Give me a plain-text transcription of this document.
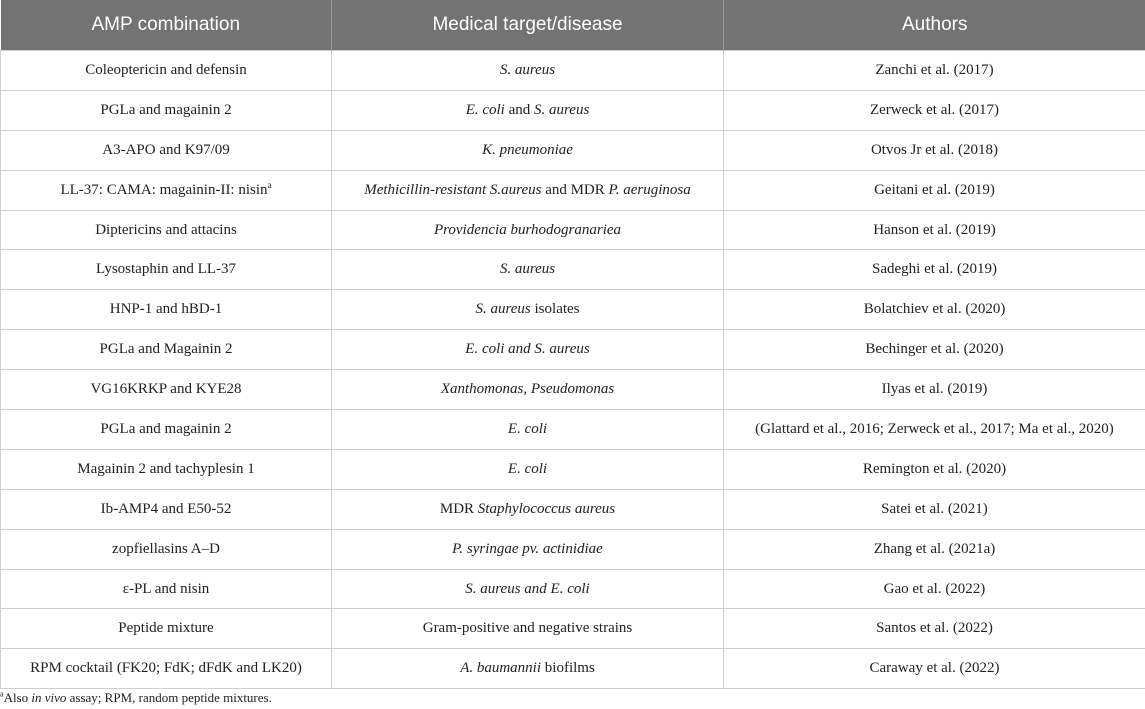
AMP combination	Medical target/disease	Authors
Coleoptericin and defensin	S. aureus	Zanchi et al. (2017)
PGLa and magainin 2	E. coli and S. aureus	Zerweck et al. (2017)
A3-APO and K97/09	K. pneumoniae	Otvos Jr et al. (2018)
LL-37: CAMA: magainin-II: nisin$^a$	Methicillin-resistant S.aureus and MDR P. aeruginosa	Geitani et al. (2019)
Diptericins and attacins	Providencia burhodogranariea	Hanson et al. (2019)
Lysostaphin and LL-37	S. aureus	Sadeghi et al. (2019)
HNP-1 and hBD-1	S. aureus isolates	Bolatchiev et al. (2020)
PGLa and Magainin 2	E. coli and S. aureus	Bechinger et al. (2020)
VG16KRKP and KYE28	Xanthomonas, Pseudomonas	Ilyas et al. (2019)
PGLa and magainin 2	E. coli	(Glattard et al., 2016; Zerweck et al., 2017; Ma et al., 2020)
Magainin 2 and tachyplesin 1	E. coli	Remington et al. (2020)
Ib-AMP4 and E50-52	MDR Staphylococcus aureus	Satei et al. (2021)
zopfiellasins A–D	P. syringae pv. actinidiae	Zhang et al. (2021a)
ε-PL and nisin	S. aureus and E. coli	Gao et al. (2022)
Peptide mixture	Gram-positive and negative strains	Santos et al. (2022)
RPM cocktail (FK20; FdK; dFdK and LK20)	A. baumannii biofilms	Caraway et al. (2022)
$^a$Also in vivo assay; RPM, random peptide mixtures.
